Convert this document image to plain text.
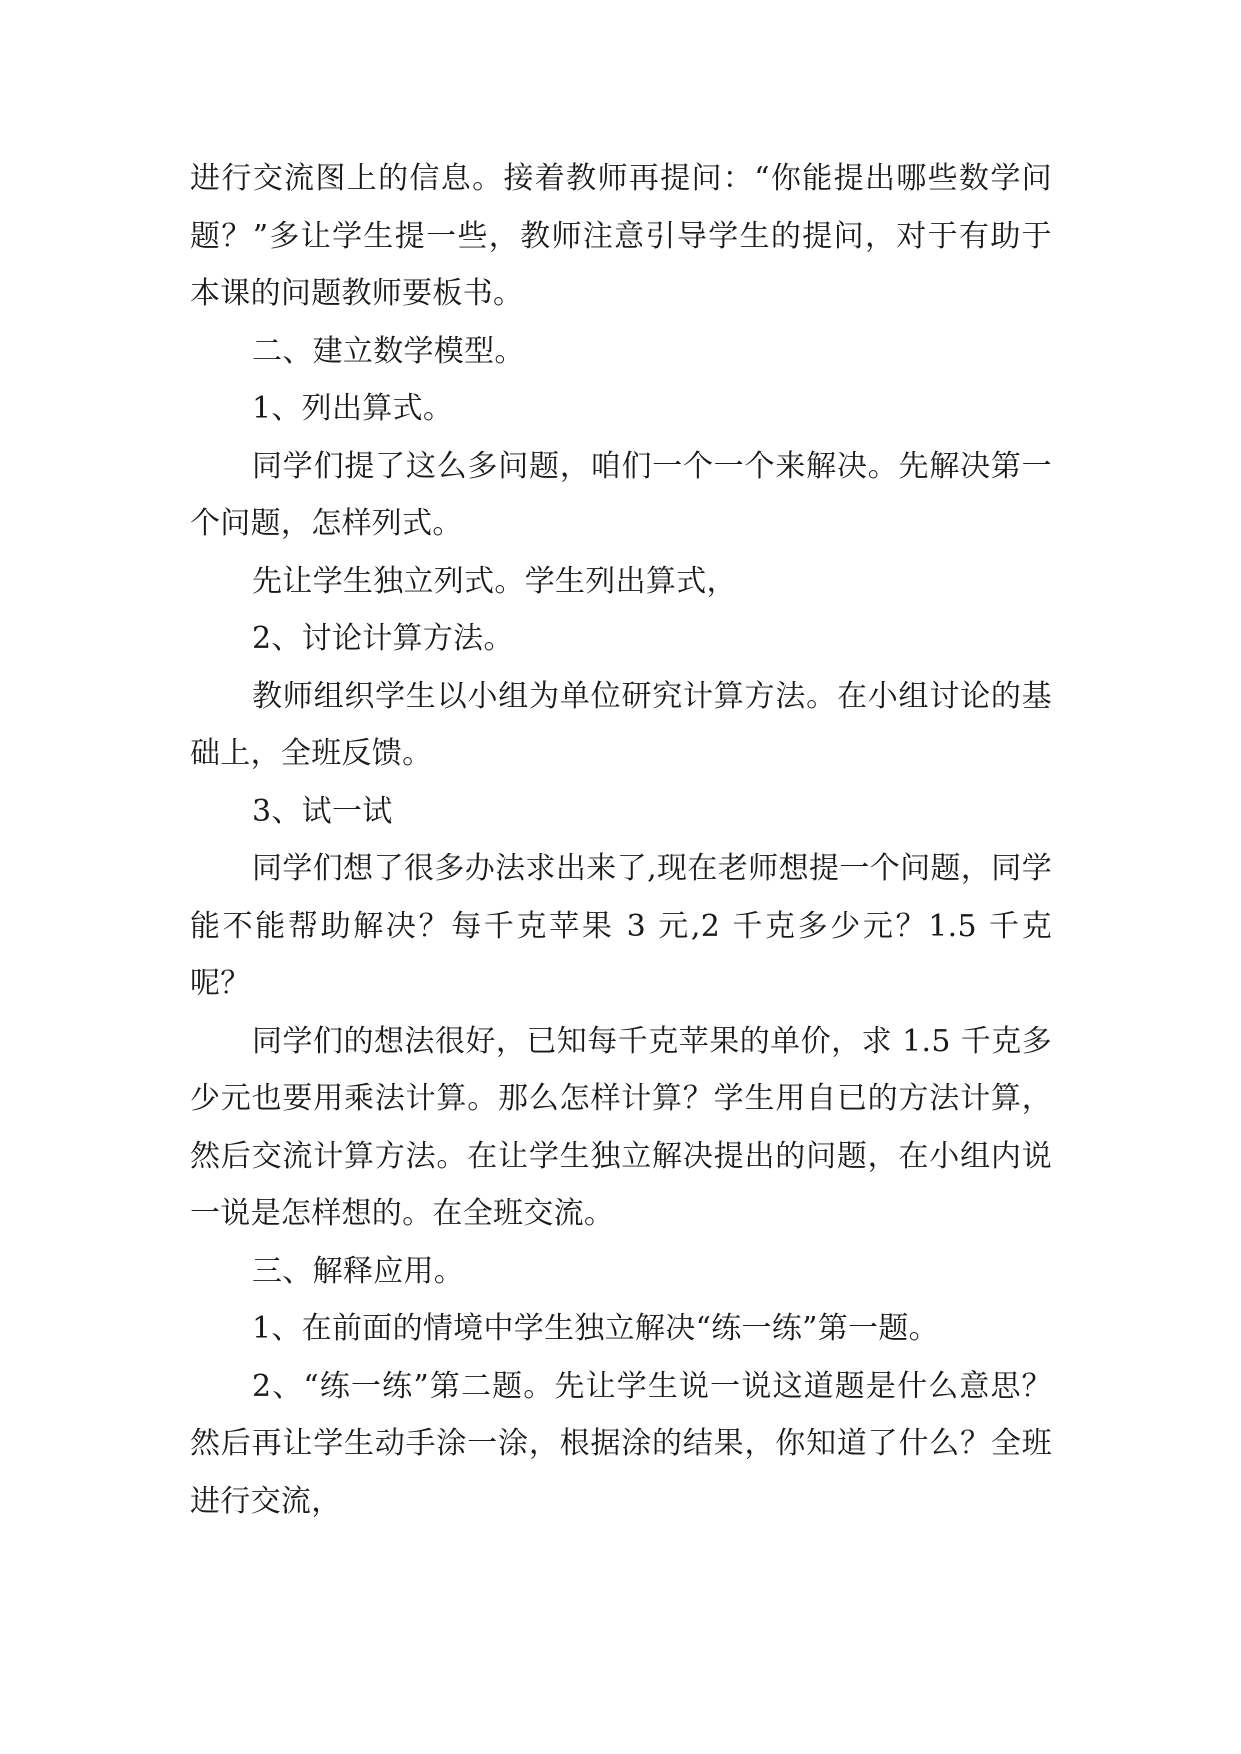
进行交流图上的信息。接着教师再提问：“你能提出哪些数学问题？”多让学生提一些，教师注意引导学生的提问，对于有助于本课的问题教师要板书。

二、建立数学模型。

1、列出算式。

同学们提了这么多问题，咱们一个一个来解决。先解决第一个问题，怎样列式。

先让学生独立列式。学生列出算式，

2、讨论计算方法。

教师组织学生以小组为单位研究计算方法。在小组讨论的基础上，全班反馈。

3、试一试

同学们想了很多办法求出来了,现在老师想提一个问题，同学能不能帮助解决？每千克苹果 3 元,2 千克多少元？1.5 千克呢？

同学们的想法很好，已知每千克苹果的单价，求 1.5 千克多少元也要用乘法计算。那么怎样计算？学生用自已的方法计算，然后交流计算方法。在让学生独立解决提出的问题，在小组内说一说是怎样想的。在全班交流。

三、解释应用。

1、在前面的情境中学生独立解决“练一练”第一题。

2、“练一练”第二题。先让学生说一说这道题是什么意思？然后再让学生动手涂一涂，根据涂的结果，你知道了什么？全班进行交流，
